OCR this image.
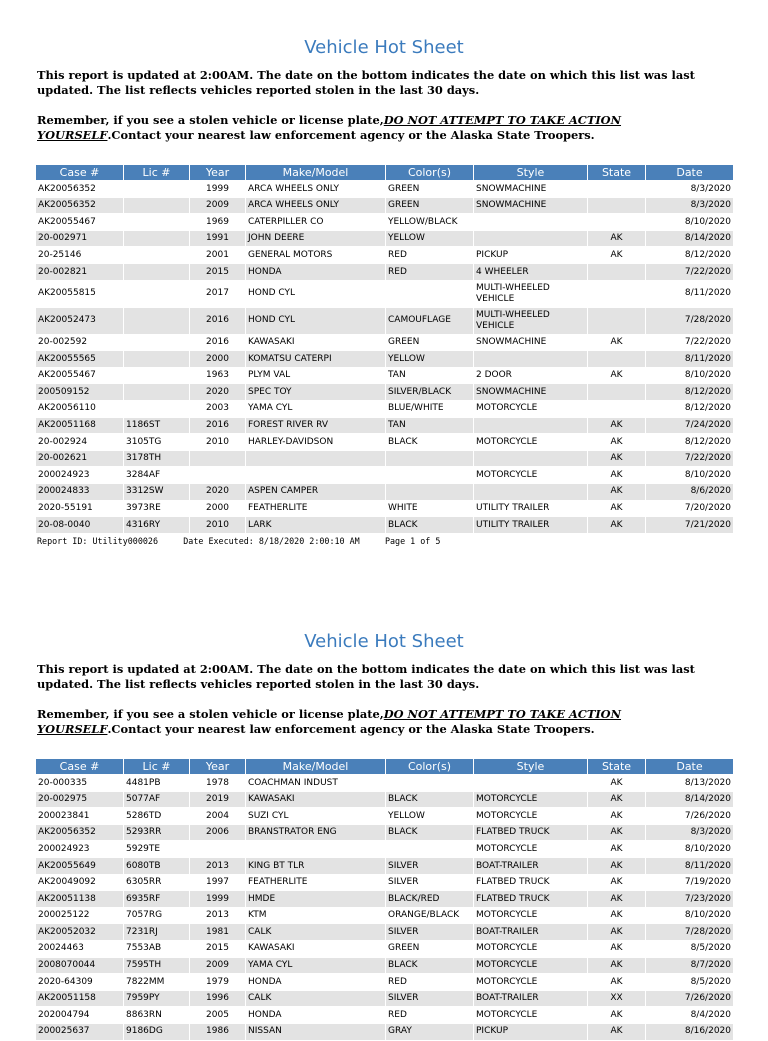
Vehicle Hot Sheet

This report is updated at 2:00AM. The date on the bottom indicates the date on which this list was last updated. The list reflects vehicles reported stolen in the last 30 days.

Remember, if you see a stolen vehicle or license plate,DO NOT ATTEMPT TO TAKE ACTION YOURSELF.Contact your nearest law enforcement agency or the Alaska State Troopers.

Case #	Lic #	Year	Make/Model	Color(s)	Style	State	Date
AK20056352		1999	ARCA WHEELS ONLY	GREEN	SNOWMACHINE		8/3/2020
AK20056352		2009	ARCA WHEELS ONLY	GREEN	SNOWMACHINE		8/3/2020
AK20055467		1969	CATERPILLER CO	YELLOW/BLACK			8/10/2020
20-002971		1991	JOHN DEERE	YELLOW		AK	8/14/2020
20-25146		2001	GENERAL MOTORS	RED	PICKUP	AK	8/12/2020
20-002821		2015	HONDA	RED	4 WHEELER		7/22/2020
AK20055815		2017	HOND CYL		MULTI-WHEELED VEHICLE		8/11/2020
AK20052473		2016	HOND CYL	CAMOUFLAGE	MULTI-WHEELED VEHICLE		7/28/2020
20-002592		2016	KAWASAKI	GREEN	SNOWMACHINE	AK	7/22/2020
AK20055565		2000	KOMATSU CATERPI	YELLOW			8/11/2020
AK20055467		1963	PLYM VAL	TAN	2 DOOR	AK	8/10/2020
200509152		2020	SPEC TOY	SILVER/BLACK	SNOWMACHINE		8/12/2020
AK20056110		2003	YAMA CYL	BLUE/WHITE	MOTORCYCLE		8/12/2020
AK20051168	1186ST	2016	FOREST RIVER RV	TAN		AK	7/24/2020
20-002924	3105TG	2010	HARLEY-DAVIDSON	BLACK	MOTORCYCLE	AK	8/12/2020
20-002621	3178TH					AK	7/22/2020
200024923	3284AF				MOTORCYCLE	AK	8/10/2020
200024833	3312SW	2020	ASPEN CAMPER			AK	8/6/2020
2020-55191	3973RE	2000	FEATHERLITE	WHITE	UTILITY TRAILER	AK	7/20/2020
20-08-0040	4316RY	2010	LARK	BLACK	UTILITY TRAILER	AK	7/21/2020
Report ID: Utility000026	Date Executed: 8/18/2020 2:00:10 AM	Page 1 of 5
Vehicle Hot Sheet

This report is updated at 2:00AM. The date on the bottom indicates the date on which this list was last updated. The list reflects vehicles reported stolen in the last 30 days.

Remember, if you see a stolen vehicle or license plate,DO NOT ATTEMPT TO TAKE ACTION YOURSELF.Contact your nearest law enforcement agency or the Alaska State Troopers.

Case #	Lic #	Year	Make/Model	Color(s)	Style	State	Date
20-000335	4481PB	1978	COACHMAN INDUST			AK	8/13/2020
20-002975	5077AF	2019	KAWASAKI	BLACK	MOTORCYCLE	AK	8/14/2020
200023841	5286TD	2004	SUZI CYL	YELLOW	MOTORCYCLE	AK	7/26/2020
AK20056352	5293RR	2006	BRANSTRATOR ENG	BLACK	FLATBED TRUCK	AK	8/3/2020
200024923	5929TE				MOTORCYCLE	AK	8/10/2020
AK20055649	6080TB	2013	KING BT TLR	SILVER	BOAT-TRAILER	AK	8/11/2020
AK20049092	6305RR	1997	FEATHERLITE	SILVER	FLATBED TRUCK	AK	7/19/2020
AK20051138	6935RF	1999	HMDE	BLACK/RED	FLATBED TRUCK	AK	7/23/2020
200025122	7057RG	2013	KTM	ORANGE/BLACK	MOTORCYCLE	AK	8/10/2020
AK20052032	7231RJ	1981	CALK	SILVER	BOAT-TRAILER	AK	7/28/2020
20024463	7553AB	2015	KAWASAKI	GREEN	MOTORCYCLE	AK	8/5/2020
2008070044	7595TH	2009	YAMA CYL	BLACK	MOTORCYCLE	AK	8/7/2020
2020-64309	7822MM	1979	HONDA	RED	MOTORCYCLE	AK	8/5/2020
AK20051158	7959PY	1996	CALK	SILVER	BOAT-TRAILER	XX	7/26/2020
202004794	8863RN	2005	HONDA	RED	MOTORCYCLE	AK	8/4/2020
200025637	9186DG	1986	NISSAN	GRAY	PICKUP	AK	8/16/2020
